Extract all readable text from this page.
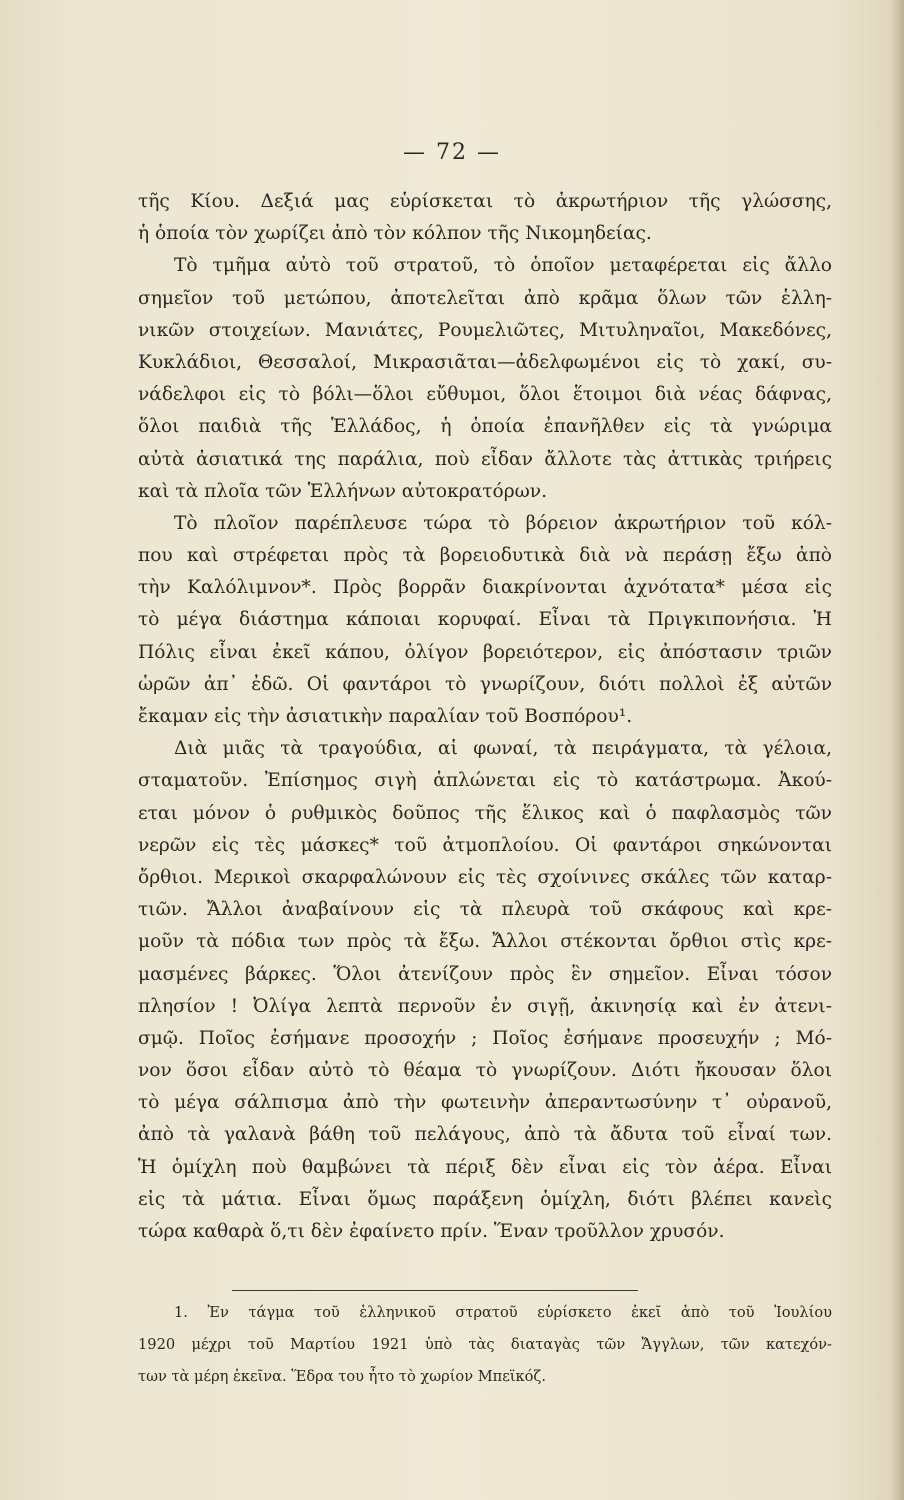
— 72 —
τῆς Κίου. Δεξιά μας εὑρίσκεται τὸ ἀκρωτήριον τῆς γλώσσης,
ἡ ὁποία τὸν χωρίζει ἀπὸ τὸν κόλπον τῆς Νικομηδείας.
Τὸ τμῆμα αὐτὸ τοῦ στρατοῦ, τὸ ὁποῖον μεταφέρεται εἰς ἄλλο
σημεῖον τοῦ μετώπου, ἀποτελεῖται ἀπὸ κρᾶμα ὅλων τῶν ἑλλη-
νικῶν στοιχείων. Μανιάτες, Ρουμελιῶτες, Μιτυληναῖοι, Μακεδόνες,
Κυκλάδιοι, Θεσσαλοί, Μικρασιᾶται—ἀδελφωμένοι εἰς τὸ χακί, συ-
νάδελφοι εἰς τὸ βόλι—ὅλοι εὔθυμοι, ὅλοι ἕτοιμοι διὰ νέας δάφνας,
ὅλοι παιδιὰ τῆς Ἑλλάδος, ἡ ὁποία ἐπανῆλθεν εἰς τὰ γνώριμα
αὐτὰ ἀσιατικά της παράλια, ποὺ εἶδαν ἄλλοτε τὰς ἀττικὰς τριήρεις
καὶ τὰ πλοῖα τῶν Ἑλλήνων αὐτοκρατόρων.
Τὸ πλοῖον παρέπλευσε τώρα τὸ βόρειον ἀκρωτήριον τοῦ κόλ-
που καὶ στρέφεται πρὸς τὰ βορειοδυτικὰ διὰ νὰ περάσῃ ἔξω ἀπὸ
τὴν Καλόλιμνον*. Πρὸς βορρᾶν διακρίνονται ἀχνότατα* μέσα εἰς
τὸ μέγα διάστημα κάποιαι κορυφαί. Εἶναι τὰ Πριγκιπονήσια. Ἡ
Πόλις εἶναι ἐκεῖ κάπου, ὀλίγον βορειότερον, εἰς ἀπόστασιν τριῶν
ὡρῶν ἀπ᾽ ἐδῶ. Οἱ φαντάροι τὸ γνωρίζουν, διότι πολλοὶ ἐξ αὐτῶν
ἔκαμαν εἰς τὴν ἀσιατικὴν παραλίαν τοῦ Βοσπόρου¹.
Διὰ μιᾶς τὰ τραγούδια, αἱ φωναί, τὰ πειράγματα, τὰ γέλοια,
σταματοῦν. Ἐπίσημος σιγὴ ἁπλώνεται εἰς τὸ κατάστρωμα. Ἀκού-
εται μόνον ὁ ρυθμικὸς δοῦπος τῆς ἕλικος καὶ ὁ παφλασμὸς τῶν
νερῶν εἰς τὲς μάσκες* τοῦ ἀτμοπλοίου. Οἱ φαντάροι σηκώνονται
ὄρθιοι. Μερικοὶ σκαρφαλώνουν εἰς τὲς σχοίνινες σκάλες τῶν καταρ-
τιῶν. Ἄλλοι ἀναβαίνουν εἰς τὰ πλευρὰ τοῦ σκάφους καὶ κρε-
μοῦν τὰ πόδια των πρὸς τὰ ἔξω. Ἄλλοι στέκονται ὄρθιοι στὶς κρε-
μασμένες βάρκες. Ὅλοι ἀτενίζουν πρὸς ἓν σημεῖον. Εἶναι τόσον
πλησίον ! Ὀλίγα λεπτὰ περνοῦν ἐν σιγῇ, ἀκινησίᾳ καὶ ἐν ἀτενι-
σμῷ. Ποῖος ἐσήμανε προσοχήν ; Ποῖος ἐσήμανε προσευχήν ; Μό-
νον ὅσοι εἶδαν αὐτὸ τὸ θέαμα τὸ γνωρίζουν. Διότι ἤκουσαν ὅλοι
τὸ μέγα σάλπισμα ἀπὸ τὴν φωτεινὴν ἀπεραντωσύνην τ᾽ οὐρανοῦ,
ἀπὸ τὰ γαλανὰ βάθη τοῦ πελάγους, ἀπὸ τὰ ἄδυτα τοῦ εἶναί των.
Ἡ ὁμίχλη ποὺ θαμβώνει τὰ πέριξ δὲν εἶναι εἰς τὸν ἀέρα. Εἶναι
εἰς τὰ μάτια. Εἶναι ὅμως παράξενη ὁμίχλη, διότι βλέπει κανεὶς
τώρα καθαρὰ ὅ,τι δὲν ἐφαίνετο πρίν. Ἕναν τροῦλλον χρυσόν.
1. Ἐν τάγμα τοῦ ἑλληνικοῦ στρατοῦ εὑρίσκετο ἐκεῖ ἀπὸ τοῦ Ἰουλίου
1920 μέχρι τοῦ Μαρτίου 1921 ὑπὸ τὰς διαταγὰς τῶν Ἄγγλων, τῶν κατεχόν-
των τὰ μέρη ἐκεῖνα. Ἕδρα του ἦτο τὸ χωρίον Μπεϊκόζ.
